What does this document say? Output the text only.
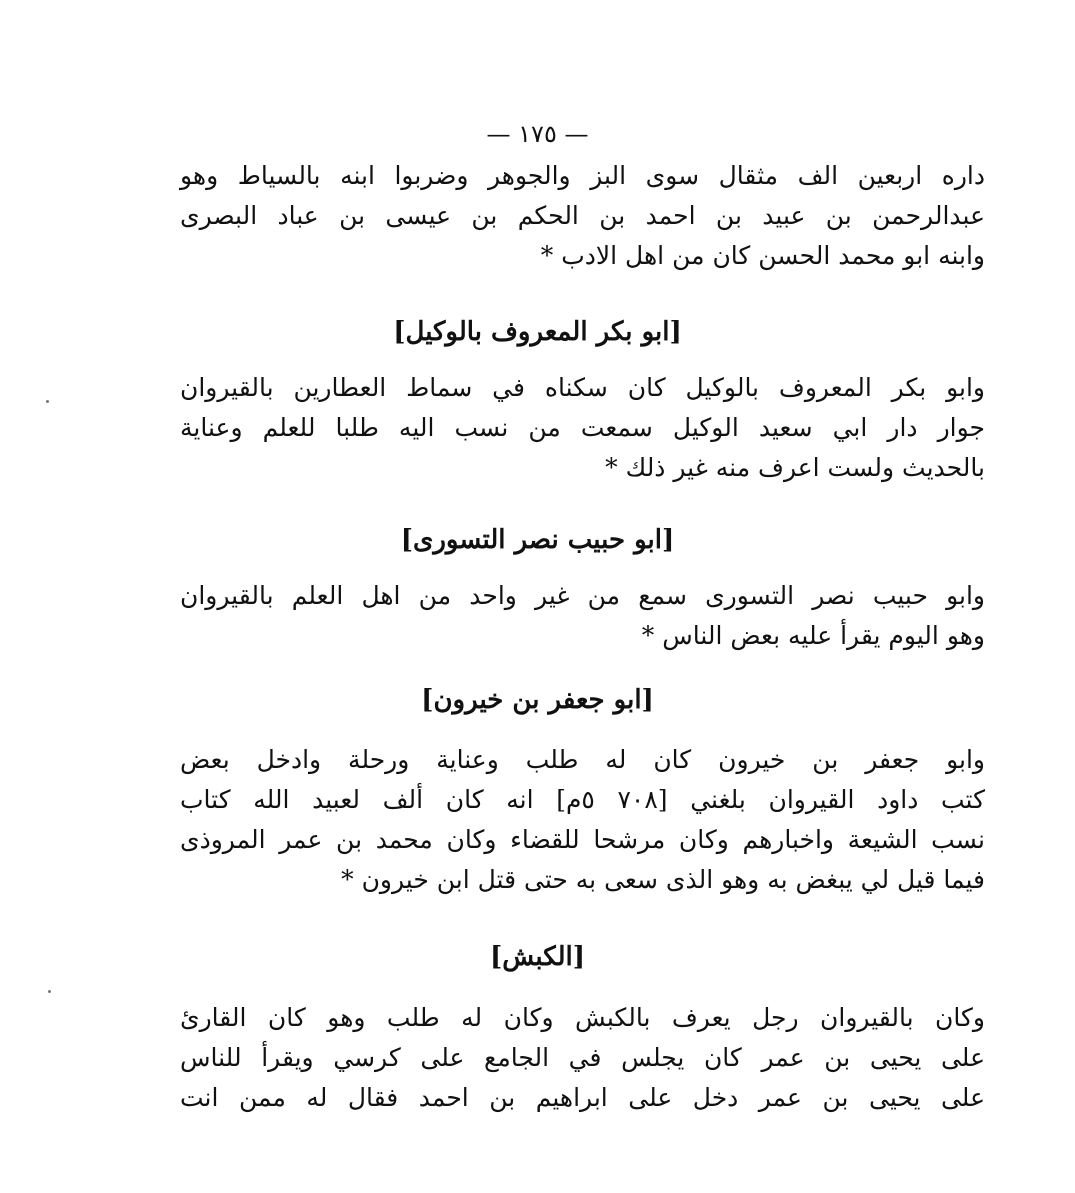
— ١٧٥ —
داره اربعين الف مثقال سوى البز والجوهر وضربوا ابنه بالسياط وهو
عبدالرحمن بن عبيد بن احمد بن الحكم بن عيسى بن عباد البصرى
وابنه ابو محمد الحسن كان من اهل الادب *
[ابو بكر المعروف بالوكيل]
وابو بكر المعروف بالوكيل كان سكناه في سماط العطارين بالقيروان
جوار دار ابي سعيد الوكيل سمعت من نسب اليه طلبا للعلم وعناية
بالحديث ولست اعرف منه غير ذلك *
[ابو حبيب نصر التسورى]
وابو حبيب نصر التسورى سمع من غير واحد من اهل العلم بالقيروان
وهو اليوم يقرأ عليه بعض الناس *
[ابو جعفر بن خيرون]
وابو جعفر بن خيرون كان له طلب وعناية ورحلة وادخل بعض
كتب داود القيروان بلغني [٧٠٨ ٥م] انه كان ألف لعبيد الله كتاب
نسب الشيعة واخبارهم وكان مرشحا للقضاء وكان محمد بن عمر المروذى
فيما قيل لي يبغض به وهو الذى سعى به حتى قتل ابن خيرون *
[الكبش]
وكان بالقيروان رجل يعرف بالكبش وكان له طلب وهو كان القارئ
على يحيى بن عمر كان يجلس في الجامع على كرسي ويقرأ للناس
على يحيى بن عمر دخل على ابراهيم بن احمد فقال له ممن انت
